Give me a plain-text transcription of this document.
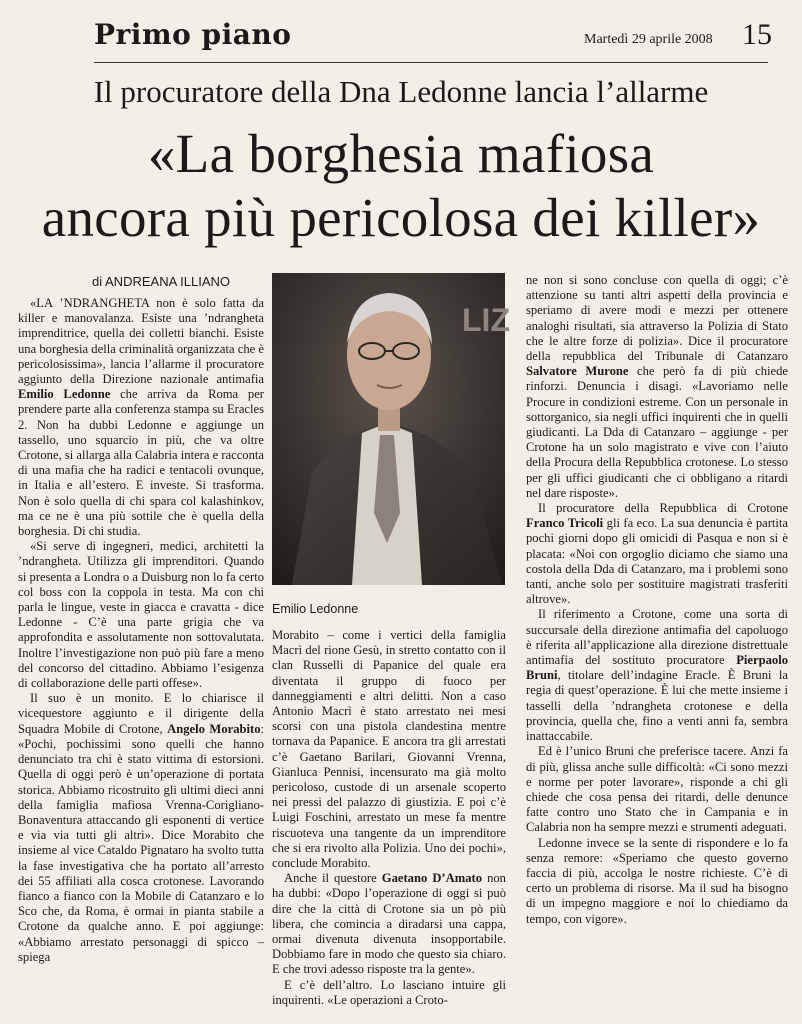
Primo piano	Martedì 29 aprile 2008 15
Il procuratore della Dna Ledonne lancia l’allarme
«La borghesia mafiosa
ancora più pericolosa dei killer»
di ANDREANA ILLIANO

«LA ’NDRANGHETA non è solo fatta da killer e manovalanza. Esiste una ’ndrangheta imprenditrice, quella dei colletti bianchi. Esiste una borghesia della criminalità organizzata che è pericolosissima», lancia l’allarme il procuratore aggiunto della Direzione nazionale antimafia Emilio Ledonne che arriva da Roma per prendere parte alla conferenza stampa su Eracles 2. Non ha dubbi Ledonne e aggiunge un tassello, uno squarcio in più, che va oltre Crotone, si allarga alla Calabria intera e racconta di una mafia che ha radici e tentacoli ovunque, in Italia e all’estero. E investe. Si trasforma. Non è solo quella di chi spara col kalashinkov, ma ce ne è una più sottile che è quella della borghesia. Di chi studia.

«Si serve di ingegneri, medici, architetti la ’ndrangheta. Utilizza gli imprenditori. Quando si presenta a Londra o a Duisburg non lo fa certo col boss con la coppola in testa. Ma con chi parla le lingue, veste in giacca e cravatta - dice Ledonne - C’è una parte grigia che va approfondita e assolutamente non sottovalutata. Inoltre l’investigazione non può più fare a meno del concorso del cittadino. Abbiamo l’esigenza di collaborazione delle parti offese».

Il suo è un monito. E lo chiarisce il vicequestore aggiunto e il dirigente della Squadra Mobile di Crotone, Angelo Morabito: «Pochi, pochissimi sono quelli che hanno denunciato tra chi è stato vittima di estorsioni. Quella di oggi però è un’operazione di portata storica. Abbiamo ricostruito gli ultimi dieci anni della famiglia mafiosa Vrenna-Corigliano-Bonaventura attaccando gli esponenti di vertice e via via tutti gli altri». Dice Morabito che insieme al vice Cataldo Pignataro ha svolto tutta la fase investigativa che ha portato all’arresto dei 55 affiliati alla cosca crotonese. Lavorando fianco a fianco con la Mobile di Catanzaro e lo Sco che, da Roma, è ormai in pianta stabile a Crotone da qualche anno. E poi aggiunge: «Abbiamo arrestato personaggi di spicco – spiega

LIZ
Emilio Ledonne

Morabito – come i vertici della famiglia Macrì del rione Gesù, in stretto contatto con il clan Russelli di Papanice del quale era diventata il gruppo di fuoco per danneggiamenti e altri delitti. Non a caso Antonio Macrì è stato arrestato nei mesi scorsi con una pistola clandestina mentre tornava da Papanice. E ancora tra gli arrestati c’è Gaetano Barilari, Giovanni Vrenna, Gianluca Pennisi, incensurato ma già molto pericoloso, custode di un arsenale scoperto nei pressi del palazzo di giustizia. E poi c’è Luigi Foschini, arrestato un mese fa mentre riscuoteva una tangente da un imprenditore che si era rivolto alla Polizia. Uno dei pochi», conclude Morabito.

Anche il questore Gaetano D’Amato non ha dubbi: «Dopo l’operazione di oggi si può dire che la città di Crotone sia un pò più libera, che comincia a diradarsi una cappa, ormai divenuta divenuta insopportabile. Dobbiamo fare in modo che questo sia chiaro. E che trovi adesso risposte tra la gente».

E c’è dell’altro. Lo lasciano intuire gli inquirenti. «Le operazioni a Croto-

ne non si sono concluse con quella di oggi; c’è attenzione su tanti altri aspetti della provincia e speriamo di avere modi e mezzi per ottenere analoghi risultati, sia attraverso la Polizia di Stato che le altre forze di polizia». Dice il procuratore della repubblica del Tribunale di Catanzaro Salvatore Murone che però fa di più chiede rinforzi. Denuncia i disagi. «Lavoriamo nelle Procure in condizioni estreme. Con un personale in sottorganico, sia negli uffici inquirenti che in quelli giudicanti. La Dda di Catanzaro – aggiunge - per Crotone ha un solo magistrato e vive con l’aiuto della Procura della Repubblica crotonese. Lo stesso per gli uffici giudicanti che ci obbligano a ritardi nel dare risposte».

Il procuratore della Repubblica di Crotone Franco Tricoli gli fa eco. La sua denuncia è partita pochi giorni dopo gli omicidi di Pasqua e non si è placata: «Noi con orgoglio diciamo che siamo una costola della Dda di Catanzaro, ma i problemi sono tanti, anche solo per sostituire magistrati trasferiti altrove».

Il riferimento a Crotone, come una sorta di succursale della direzione antimafia del capoluogo è riferita all’applicazione alla direzione distrettuale antimafia del sostituto procuratore Pierpaolo Bruni, titolare dell’indagine Eracle. È Bruni la regia di quest’operazione. È lui che mette insieme i tasselli della ’ndrangheta crotonese e della provincia, quella che, fino a venti anni fa, sembra inattaccabile.

Ed è l’unico Bruni che preferisce tacere. Anzi fa di più, glissa anche sulle difficoltà: «Ci sono mezzi e norme per poter lavorare», risponde a chi gli chiede che cosa pensa dei ritardi, delle denunce fatte contro uno Stato che in Campania e in Calabria non ha sempre mezzi e strumenti adeguati.

Ledonne invece se la sente di rispondere e lo fa senza remore: «Speriamo che questo governo faccia di più, accolga le nostre richieste. C’è di certo un problema di risorse. Ma il sud ha bisogno di un impegno maggiore e noi lo chiediamo da tempo, con vigore».
